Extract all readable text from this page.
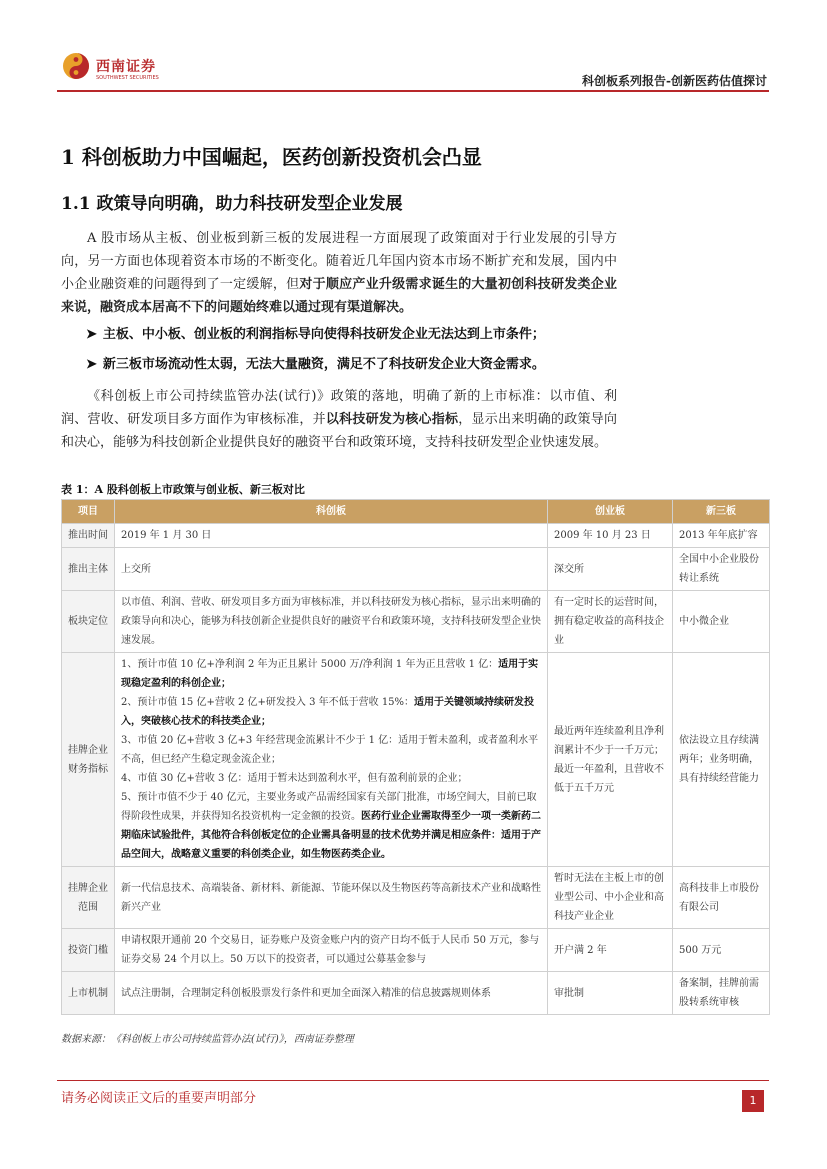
西南证券
SOUTHWEST SECURITIES	科创板系列报告-创新医药估值探讨
1 科创板助力中国崛起，医药创新投资机会凸显
1.1 政策导向明确，助力科技研发型企业发展
A 股市场从主板、创业板到新三板的发展进程一方面展现了政策面对于行业发展的引导方向，另一方面也体现着资本市场的不断变化。随着近几年国内资本市场不断扩充和发展，国内中小企业融资难的问题得到了一定缓解，但对于顺应产业升级需求诞生的大量初创科技研发类企业来说，融资成本居高不下的问题始终难以通过现有渠道解决。
➤ 主板、中小板、创业板的利润指标导向使得科技研发企业无法达到上市条件；
➤ 新三板市场流动性太弱，无法大量融资，满足不了科技研发企业大资金需求。
《科创板上市公司持续监管办法(试行)》政策的落地，明确了新的上市标准：以市值、利润、营收、研发项目多方面作为审核标准，并以科技研发为核心指标，显示出来明确的政策导向和决心，能够为科技创新企业提供良好的融资平台和政策环境，支持科技研发型企业快速发展。
表 1：A 股科创板上市政策与创业板、新三板对比
项目	科创板	创业板	新三板
推出时间	2019 年 1 月 30 日	2009 年 10 月 23 日	2013 年年底扩容
推出主体	上交所	深交所	全国中小企业股份转让系统
板块定位	以市值、利润、营收、研发项目多方面为审核标准，并以科技研发为核心指标，显示出来明确的政策导向和决心，能够为科技创新企业提供良好的融资平台和政策环境，支持科技研发型企业快速发展。	有一定时长的运营时间，拥有稳定收益的高科技企业	中小微企业
挂牌企业财务指标	1、预计市值 10 亿+净利润 2 年为正且累计 5000 万/净利润 1 年为正且营收 1 亿：适用于实现稳定盈利的科创企业；
2、预计市值 15 亿+营收 2 亿+研发投入 3 年不低于营收 15%：适用于关键领域持续研发投入，突破核心技术的科技类企业；
3、市值 20 亿+营收 3 亿+3 年经营现金流累计不少于 1 亿：适用于暂未盈利，或者盈利水平不高，但已经产生稳定现金流企业；
4、市值 30 亿+营收 3 亿：适用于暂未达到盈利水平，但有盈利前景的企业；
5、预计市值不少于 40 亿元，主要业务或产品需经国家有关部门批准，市场空间大，目前已取得阶段性成果，并获得知名投资机构一定金额的投资。医药行业企业需取得至少一项一类新药二期临床试验批件，其他符合科创板定位的企业需具备明显的技术优势并满足相应条件：适用于产品空间大，战略意义重要的科创类企业，如生物医药类企业。	最近两年连续盈利且净利润累计不少于一千万元；最近一年盈利，且营收不低于五千万元	依法设立且存续满两年；业务明确，具有持续经营能力
挂牌企业范围	新一代信息技术、高端装备、新材料、新能源、节能环保以及生物医药等高新技术产业和战略性新兴产业	暂时无法在主板上市的创业型公司、中小企业和高科技产业企业	高科技非上市股份有限公司
投资门槛	申请权限开通前 20 个交易日，证券账户及资金账户内的资产日均不低于人民币 50 万元，参与证券交易 24 个月以上。50 万以下的投资者，可以通过公募基金参与	开户满 2 年	500 万元
上市机制	试点注册制，合理制定科创板股票发行条件和更加全面深入精准的信息披露规则体系	审批制	备案制，挂牌前需股转系统审核
数据来源：《科创板上市公司持续监管办法(试行)》，西南证券整理
请务必阅读正文后的重要声明部分	1
